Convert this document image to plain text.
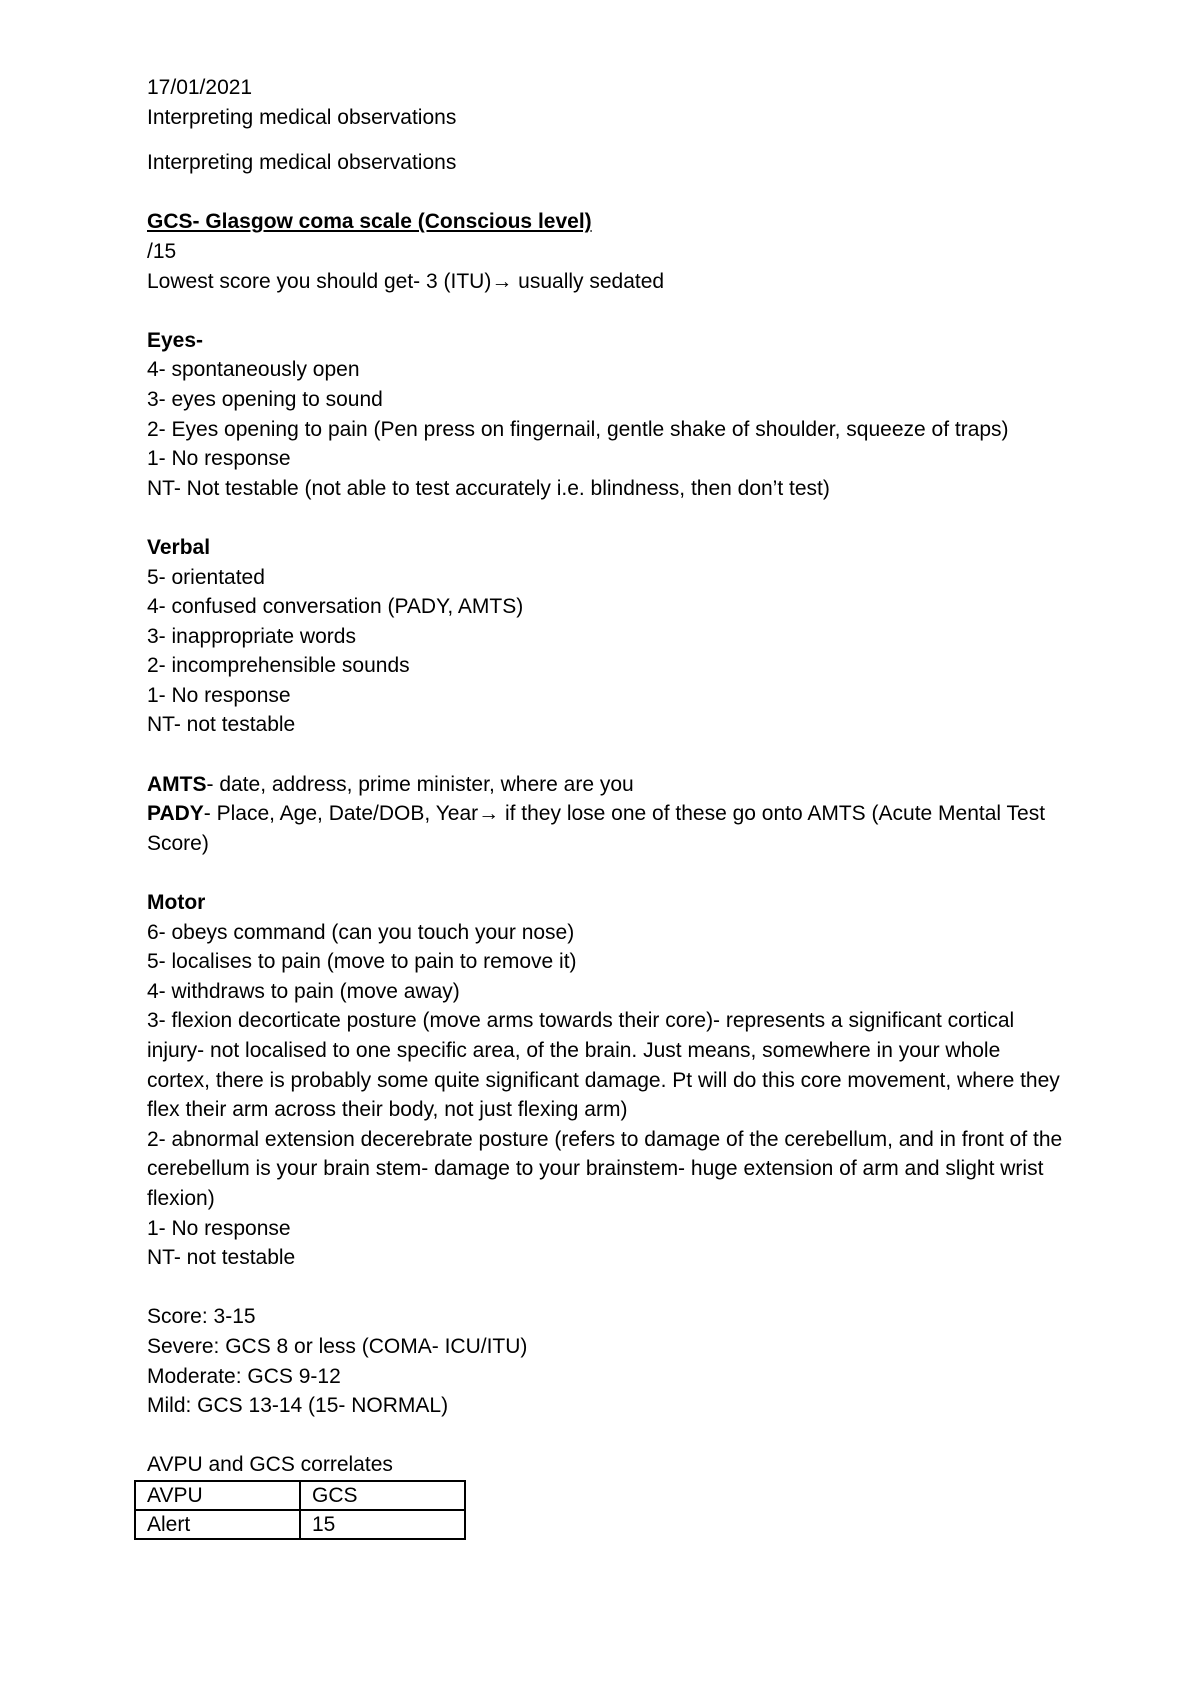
17/01/2021
Interpreting medical observations
Interpreting medical observations
GCS- Glasgow coma scale (Conscious level)
/15
Lowest score you should get- 3 (ITU)→ usually sedated
Eyes-
4- spontaneously open
3- eyes opening to sound
2- Eyes opening to pain (Pen press on fingernail, gentle shake of shoulder, squeeze of traps)
1- No response
NT- Not testable (not able to test accurately i.e. blindness, then don’t test)
Verbal
5- orientated
4- confused conversation (PADY, AMTS)
3- inappropriate words
2- incomprehensible sounds
1- No response
NT- not testable
AMTS- date, address, prime minister, where are you
PADY- Place, Age, Date/DOB, Year→ if they lose one of these go onto AMTS (Acute Mental Test Score)
Motor
6- obeys command (can you touch your nose)
5- localises to pain (move to pain to remove it)
4- withdraws to pain (move away)
3- flexion decorticate posture (move arms towards their core)- represents a significant cortical injury- not localised to one specific area, of the brain. Just means, somewhere in your whole cortex, there is probably some quite significant damage. Pt will do this core movement, where they flex their arm across their body, not just flexing arm)
2- abnormal extension decerebrate posture (refers to damage of the cerebellum, and in front of the cerebellum is your brain stem- damage to your brainstem- huge extension of arm and slight wrist flexion)
1- No response
NT- not testable
Score: 3-15
Severe: GCS 8 or less (COMA- ICU/ITU)
Moderate: GCS 9-12
Mild: GCS 13-14 (15- NORMAL)
AVPU and GCS correlates
AVPU	GCS
Alert	15
